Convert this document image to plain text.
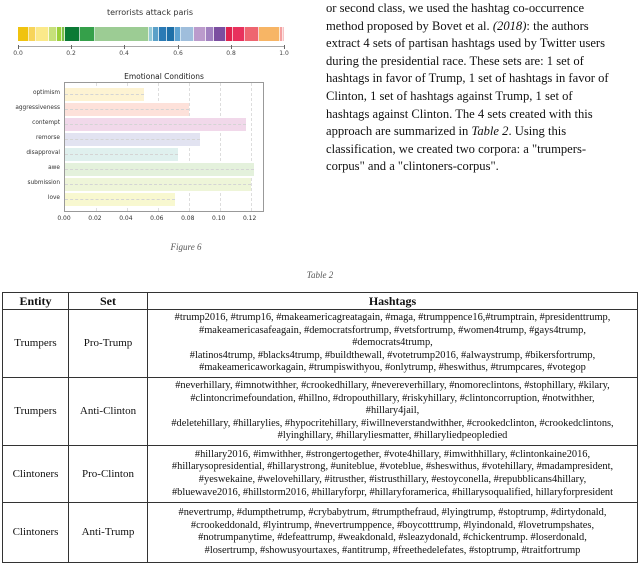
terrorists attack paris
0.0	0.2	0.4	0.6	0.8	1.0
Emotional Conditions
Figure 6
or second class, we used the hashtag co-occurrence
method proposed by Bovet et al. (2018): the authors
extract 4 sets of partisan hashtags used by Twitter users
during the presidential race. These sets are: 1 set of
hashtags in favor of Trump, 1 set of hashtags in favor of
Clinton, 1 set of hashtags against Trump, 1 set of
hashtags against Clinton. The 4 sets created with this
approach are summarized in Table 2. Using this
classification, we created two corpora: a "trumpers-
corpus" and a "clintoners-corpus".
Table 2
Entity	Set	Hashtags
Trumpers	Pro-Trump	#trump2016, #trump16, #makeamericagreatagain, #maga, #trumppence16,#trumptrain, #presidenttrump,
#makeamericasafeagain, #democratsfortrump, #vetsfortrump, #women4trump, #gays4trump,
#democrats4trump,
#latinos4trump, #blacks4trump, #buildthewall, #votetrump2016, #alwaystrump, #bikersfortrump,
#makeamericaworkagain, #trumpiswithyou, #onlytrump, #heswithus, #trumpcares, #votegop

Trumpers	Anti-Clinton	#neverhillary, #imnotwithher, #crookedhillary, #nevereverhillary, #nomoreclintons, #stophillary, #kilary,
#clintoncrimefoundation, #hillno, #dropouthillary, #riskyhillary, #clintoncorruption, #notwithher,
#hillary4jail,
#deletehillary, #hillarylies, #hypocritehillary, #iwillneverstandwithher, #crookedclinton, #crookedclintons,
#lyinghillary, #hillaryliesmatter, #hillaryliedpeopledied

Clintoners	Pro-Clinton	#hillary2016, #imwithher, #strongertogether, #vote4hillary, #imwithhillary, #clintonkaine2016,
#hillarysopresidential, #hillarystrong, #uniteblue, #voteblue, #sheswithus, #votehillary, #madampresident,
#yeswekaine, #welovehillary, #itrusther, #istrusthillary, #estoyconella, #repubblicans4hillary,
#bluewave2016, #hillstorm2016, #hillaryforpr, #hillaryforamerica, #hillarysoqualified, hillaryforpresident

Clintoners	Anti-Trump	#nevertrump, #dumpthetrump, #crybabytrum, #trumpthefraud, #lyingtrump, #stoptrump, #dirtydonald,
#crookeddonald, #lyintrump, #nevertrumppence, #boycotttrump, #lyindonald, #lovetrumpshates,
#notrumpanytime, #defeattrump, #weakdonald, #sleazydonald, #chickentrump. #loserdonald,
#losertrump, #showusyourtaxes, #antitrump, #freethedelefates, #stoptrump, #traitfortrump
optimism
aggressiveness
contempt
remorse
disapproval
awe
submission
love
0.00	0.02	0.04	0.06	0.08	0.10	0.12
